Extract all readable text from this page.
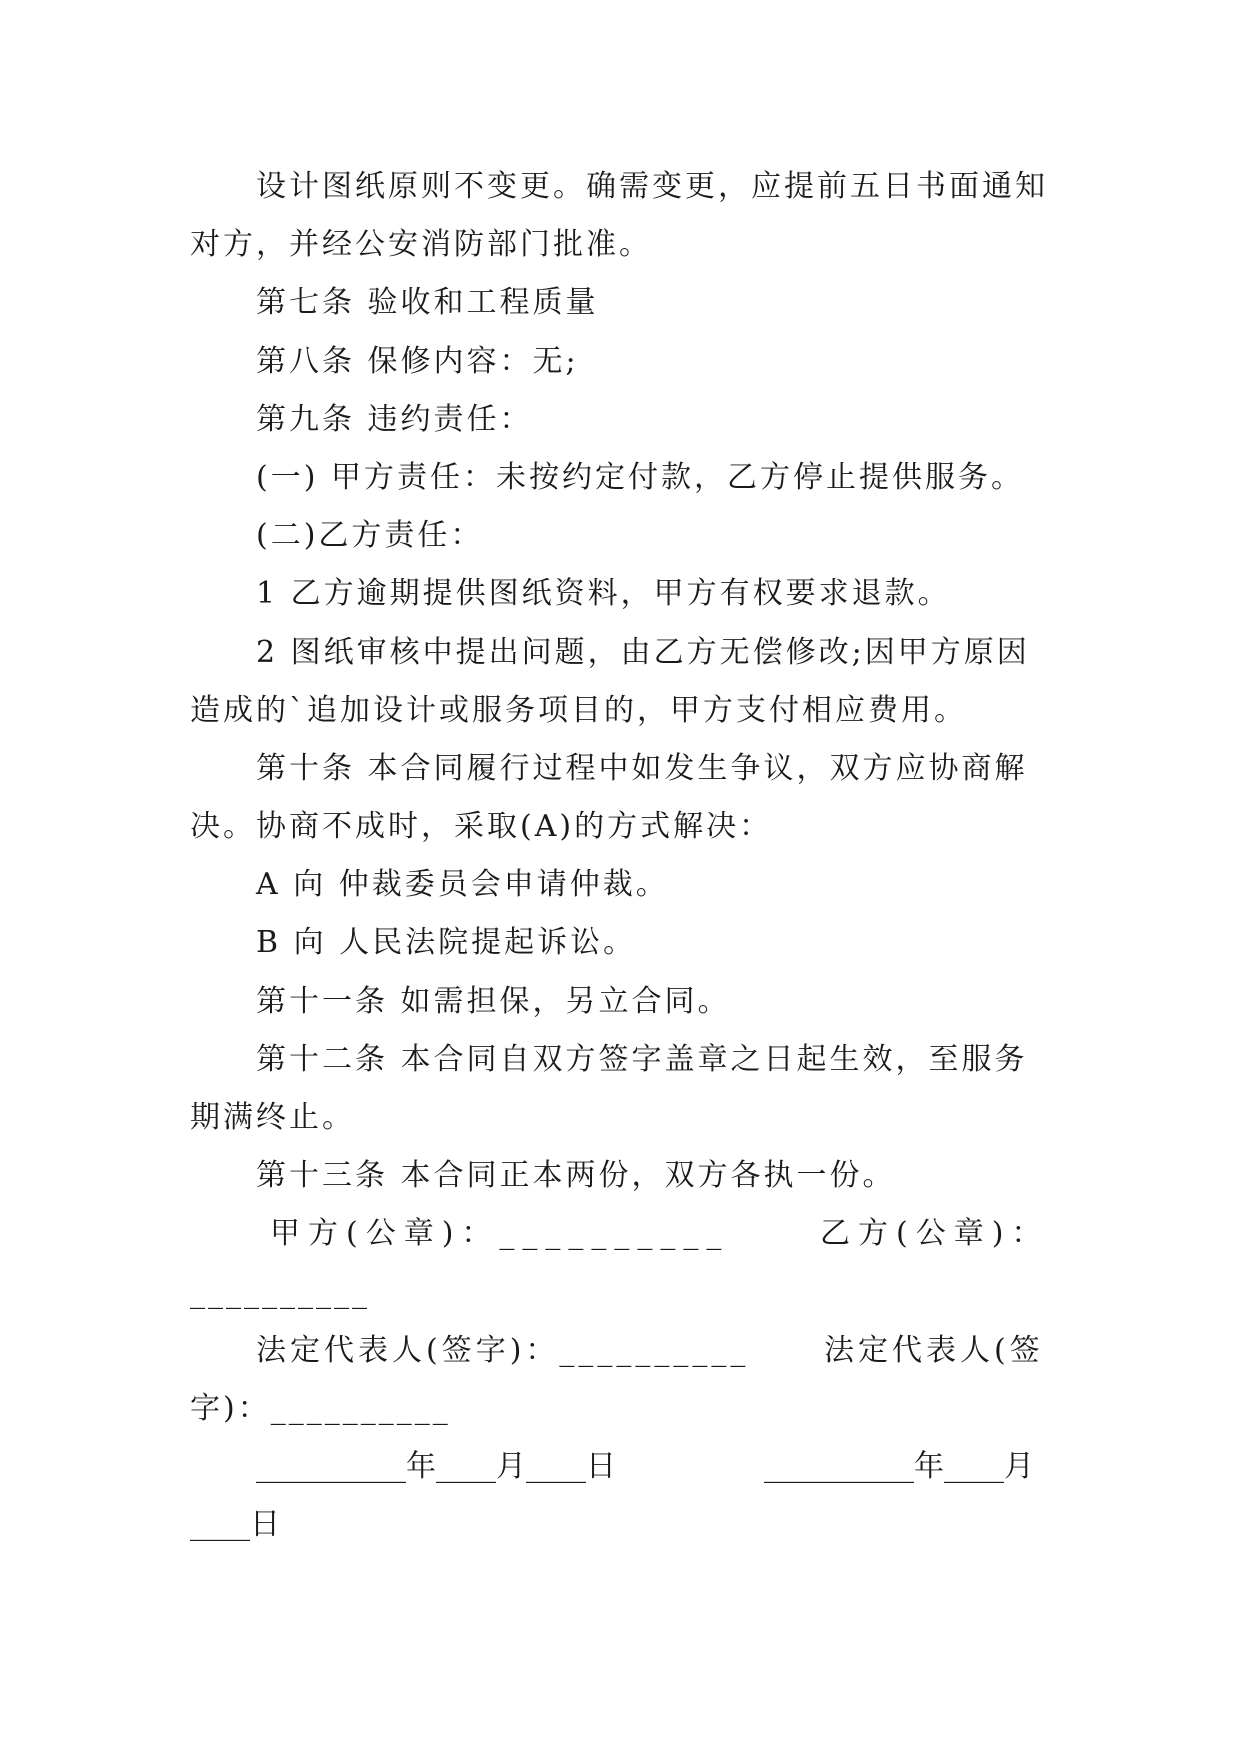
设计图纸原则不变更。确需变更，应提前五日书面通知
对方，并经公安消防部门批准。
第七条 验收和工程质量
第八条 保修内容：无;
第九条 违约责任：
(一) 甲方责任：未按约定付款，乙方停止提供服务。
(二)乙方责任：
1 乙方逾期提供图纸资料，甲方有权要求退款。
2 图纸审核中提出问题，由乙方无偿修改;因甲方原因
造成的`追加设计或服务项目的，甲方支付相应费用。
第十条 本合同履行过程中如发生争议，双方应协商解
决。协商不成时，采取(A)的方式解决：
A 向 仲裁委员会申请仲裁。
B 向 人民法院提起诉讼。
第十一条 如需担保，另立合同。
第十二条 本合同自双方签字盖章之日起生效，至服务
期满终止。
第十三条 本合同正本两份，双方各执一份。
甲方(公章)：__________	乙方(公章)：
__________
法定代表人(签字)：__________ 法定代表人(签
字)：__________
__________年____月____日	__________年____月
____日
